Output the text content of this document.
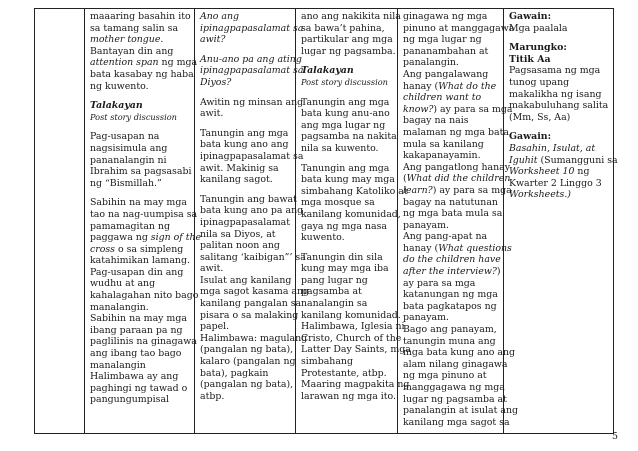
maaaring basahin ito
sa tamang salin sa
mother tongue.
Bantayan din ang
attention span ng mga
bata kasabay ng haba
ng kuwento.
Talakayan
Post story discussion
Pag-usapan na
nagsisimula ang
pananalangin ni
Ibrahim sa pagsasabi
ng “Bismillah.”
Sabihin na may mga
tao na nag-uumpisa sa
pamamagitan ng
paggawa ng sign of the
cross o sa simpleng
katahimikan lamang.
Pag-usapan din ang
wudhu at ang
kahalagahan nito bago
manalangin.
Sabihin na may mga
ibang paraan pa ng
paglilinis na ginagawa
ang ibang tao bago
manalangin
Halimbawa ay ang
paghingi ng tawad o
pangungumpisal

Ano ang
ipinagpapasalamat sa
awit?
Anu-ano pa ang ating
ipinagpapasalamat sa
Diyos?
Awitin ng minsan ang
awit.
Tanungin ang mga
bata kung ano ang
ipinagpapasalamat sa
awit. Makinig sa
kanilang sagot.
Tanungin ang bawat
bata kung ano pa ang
ipinagpapasalamat
nila sa Diyos, at
palitan noon ang
salitang ‘kaibigan”’ sa
awit.
Isulat ang kanilang
mga sagot kasama ang
kanilang pangalan sa
pisara o sa malaking
papel.
Halimbawa: magulang
(pangalan ng bata),
kalaro (pangalan ng
bata), pagkain
(pangalan ng bata),
atbp.

ano ang nakikita nila
sa bawa’t pahina,
partikular ang mga
lugar ng pagsamba.
Talakayan
Post story discussion
Tanungin ang mga
bata kung anu-ano
ang mga lugar ng
pagsamba na nakita
nila sa kuwento.
Tanungin ang mga
bata kung may mga
simbahang Katoliko at
mga mosque sa
kanilang komunidad,
gaya ng mga nasa
kuwento.
Tanungin din sila
kung may mga iba
pang lugar ng
pagsamba at
nanalangin sa
kanilang komunidad.
Halimbawa, Iglesia ni
Cristo, Church of the
Latter Day Saints, mga
simbahang
Protestante, atbp.
Maaring magpakita ng
larawan ng mga ito.

ginagawa ng mga
pinuno at manggagawa
ng mga lugar ng
pananambahan at
panalangin.
Ang pangalawang
hanay (What do the
children want to
know?) ay para sa mga
bagay na nais
malaman ng mga bata
mula sa kanilang
kakapanayamin.
Ang pangatlong hanay
(What did the children
learn?) ay para sa mga
bagay na natutunan
ng mga bata mula sa
panayam.
Ang pang-apat na
hanay (What questions
do the children have
after the interview?)
ay para sa mga
katanungan ng mga
bata pagkatapos ng
panayam.
Bago ang panayam,
tanungin muna ang
mga bata kung ano ang
alam nilang ginagawa
ng mga pinuno at
manggagawa ng mga
lugar ng pagsamba at
panalangin at isulat ang
kanilang mga sagot sa

Gawain:
Mga paalala
Marungko:
Titik Aa
Pagsasama ng mga
tunog upang
makalikha ng isang
makabuluhang salita
(Mm, Ss, Aa)
Gawain:
Basahin, Isulat, at
Iguhit (Sumangguni sa
Worksheet 10 ng
Kwarter 2 Linggo 3
Worksheets.)
5
